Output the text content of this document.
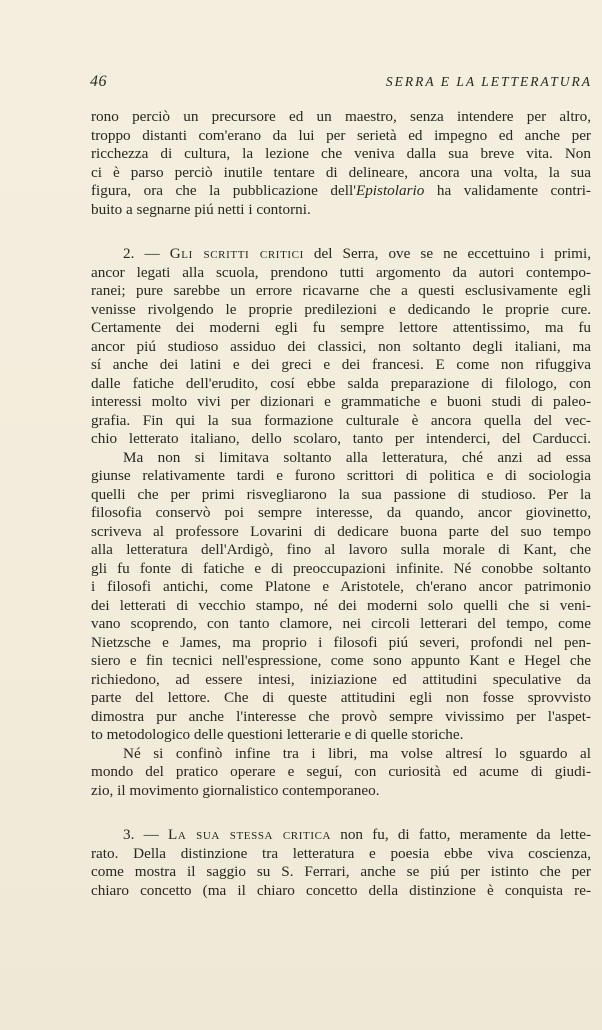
46	SERRA E LA LETTERATURA

rono perciò un precursore ed un maestro, senza intendere per altro,
troppo distanti com'erano da lui per serietà ed impegno ed anche per
ricchezza di cultura, la lezione che veniva dalla sua breve vita. Non
ci è parso perciò inutile tentare di delineare, ancora una volta, la sua
figura, ora che la pubblicazione dell'Epistolario ha validamente contri-
buito a segnarne piú netti i contorni.

2. — Gli scritti critici del Serra, ove se ne eccettuino i primi,
ancor legati alla scuola, prendono tutti argomento da autori contempo-
ranei; pure sarebbe un errore ricavarne che a questi esclusivamente egli
venisse rivolgendo le proprie predilezioni e dedicando le proprie cure.
Certamente dei moderni egli fu sempre lettore attentissimo, ma fu
ancor piú studioso assiduo dei classici, non soltanto degli italiani, ma
sí anche dei latini e dei greci e dei francesi. E come non rifuggiva
dalle fatiche dell'erudito, cosí ebbe salda preparazione di filologo, con
interessi molto vivi per dizionari e grammatiche e buoni studi di paleo-
grafia. Fin qui la sua formazione culturale è ancora quella del vec-
chio letterato italiano, dello scolaro, tanto per intenderci, del Carducci.

Ma non si limitava soltanto alla letteratura, ché anzi ad essa
giunse relativamente tardi e furono scrittori di politica e di sociologia
quelli che per primi risvegliarono la sua passione di studioso. Per la
filosofia conservò poi sempre interesse, da quando, ancor giovinetto,
scriveva al professore Lovarini di dedicare buona parte del suo tempo
alla letteratura dell'Ardigò, fino al lavoro sulla morale di Kant, che
gli fu fonte di fatiche e di preoccupazioni infinite. Né conobbe soltanto
i filosofi antichi, come Platone e Aristotele, ch'erano ancor patrimonio
dei letterati di vecchio stampo, né dei moderni solo quelli che si veni-
vano scoprendo, con tanto clamore, nei circoli letterari del tempo, come
Nietzsche e James, ma proprio i filosofi piú severi, profondi nel pen-
siero e fin tecnici nell'espressione, come sono appunto Kant e Hegel che
richiedono, ad essere intesi, iniziazione ed attitudini speculative da
parte del lettore. Che di queste attitudini egli non fosse sprovvisto
dimostra pur anche l'interesse che provò sempre vivissimo per l'aspet-
to metodologico delle questioni letterarie e di quelle storiche.

Né si confinò infine tra i libri, ma volse altresí lo sguardo al
mondo del pratico operare e seguí, con curiosità ed acume di giudi-
zio, il movimento giornalistico contemporaneo.

3. — La sua stessa critica non fu, di fatto, meramente da lette-
rato. Della distinzione tra letteratura e poesia ebbe viva coscienza,
come mostra il saggio su S. Ferrari, anche se piú per istinto che per
chiaro concetto (ma il chiaro concetto della distinzione è conquista re-
